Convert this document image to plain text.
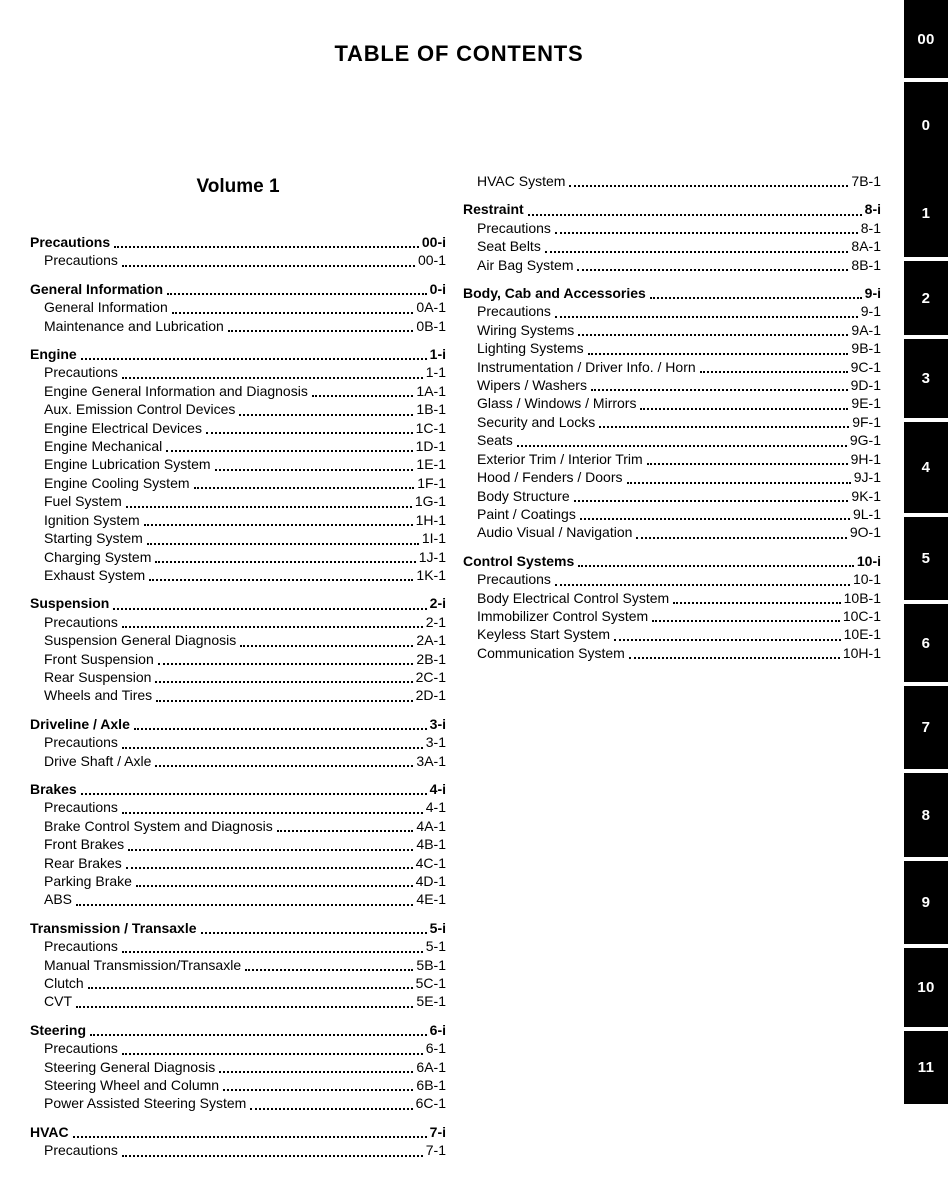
TABLE OF CONTENTS
Volume 1
Precautions	00-i
Precautions	00-1
General Information	0-i
General Information	0A-1
Maintenance and Lubrication	0B-1
Engine	1-i
Precautions	1-1
Engine General Information and Diagnosis	1A-1
Aux. Emission Control Devices	1B-1
Engine Electrical Devices	1C-1
Engine Mechanical	1D-1
Engine Lubrication System	1E-1
Engine Cooling System	1F-1
Fuel System	1G-1
Ignition System	1H-1
Starting System	1I-1
Charging System	1J-1
Exhaust System	1K-1
Suspension	2-i
Precautions	2-1
Suspension General Diagnosis	2A-1
Front Suspension	2B-1
Rear Suspension	2C-1
Wheels and Tires	2D-1
Driveline / Axle	3-i
Precautions	3-1
Drive Shaft / Axle	3A-1
Brakes	4-i
Precautions	4-1
Brake Control System and Diagnosis	4A-1
Front Brakes	4B-1
Rear Brakes	4C-1
Parking Brake	4D-1
ABS	4E-1
Transmission / Transaxle	5-i
Precautions	5-1
Manual Transmission/Transaxle	5B-1
Clutch	5C-1
CVT	5E-1
Steering	6-i
Precautions	6-1
Steering General Diagnosis	6A-1
Steering Wheel and Column	6B-1
Power Assisted Steering System	6C-1
HVAC	7-i
Precautions	7-1
HVAC System	7B-1
Restraint	8-i
Precautions	8-1
Seat Belts	8A-1
Air Bag System	8B-1
Body, Cab and Accessories	9-i
Precautions	9-1
Wiring Systems	9A-1
Lighting Systems	9B-1
Instrumentation / Driver Info. / Horn	9C-1
Wipers / Washers	9D-1
Glass / Windows / Mirrors	9E-1
Security and Locks	9F-1
Seats	9G-1
Exterior Trim / Interior Trim	9H-1
Hood / Fenders / Doors	9J-1
Body Structure	9K-1
Paint / Coatings	9L-1
Audio Visual / Navigation	9O-1
Control Systems	10-i
Precautions	10-1
Body Electrical Control System	10B-1
Immobilizer Control System	10C-1
Keyless Start System	10E-1
Communication System	10H-1
00
0
1
2
3
4
5
6
7
8
9
10
11
